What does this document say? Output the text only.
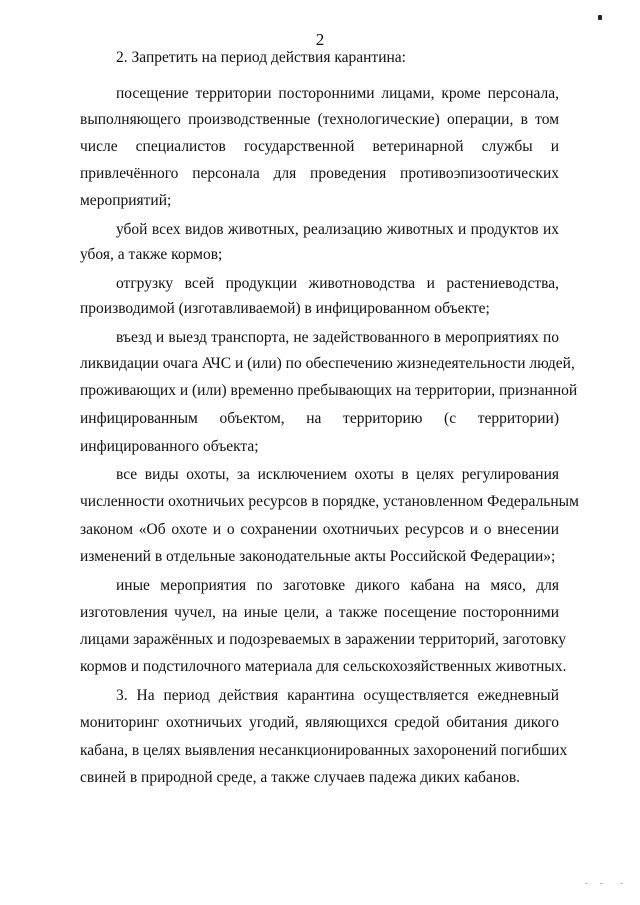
2
2. Запретить на период действия карантина:
посещение территории посторонними лицами, кроме персонала,
выполняющего производственные (технологические) операции, в том
числе специалистов государственной ветеринарной службы и
привлечённого персонала для проведения противоэпизоотических
мероприятий;
убой всех видов животных, реализацию животных и продуктов их
убоя, а также кормов;
отгрузку всей продукции животноводства и растениеводства,
производимой (изготавливаемой) в инфицированном объекте;
въезд и выезд транспорта, не задействованного в мероприятиях по
ликвидации очага АЧС и (или) по обеспечению жизнедеятельности людей,
проживающих и (или) временно пребывающих на территории, признанной
инфицированным объектом, на территорию (с территории)
инфицированного объекта;
все виды охоты, за исключением охоты в целях регулирования
численности охотничьих ресурсов в порядке, установленном Федеральным
законом «Об охоте и о сохранении охотничьих ресурсов и о внесении
изменений в отдельные законодательные акты Российской Федерации»;
иные мероприятия по заготовке дикого кабана на мясо, для
изготовления чучел, на иные цели, а также посещение посторонними
лицами заражённых и подозреваемых в заражении территорий, заготовку
кормов и подстилочного материала для сельскохозяйственных животных.
3. На период действия карантина осуществляется ежедневный
мониторинг охотничьих угодий, являющихся средой обитания дикого
кабана, в целях выявления несанкционированных захоронений погибших
свиней в природной среде, а также случаев падежа диких кабанов.
